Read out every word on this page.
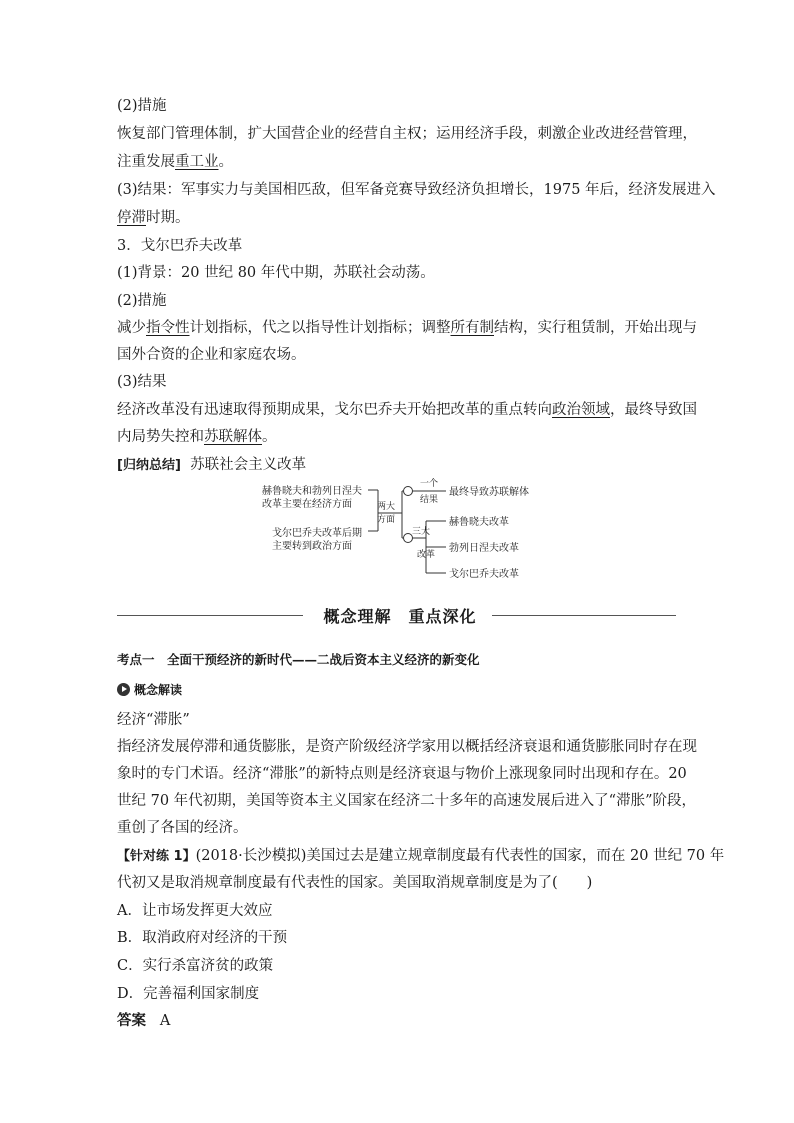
(2)措施
恢复部门管理体制，扩大国营企业的经营自主权；运用经济手段，刺激企业改进经营管理，
注重发展重工业。
(3)结果：军事实力与美国相匹敌，但军备竞赛导致经济负担增长，1975 年后，经济发展进入
停滞时期。
3．戈尔巴乔夫改革
(1)背景：20 世纪 80 年代中期，苏联社会动荡。
(2)措施
减少指令性计划指标，代之以指导性计划指标；调整所有制结构，实行租赁制，开始出现与
国外合资的企业和家庭农场。
(3)结果
经济改革没有迅速取得预期成果，戈尔巴乔夫开始把改革的重点转向政治领域，最终导致国
内局势失控和苏联解体。
[归纳总结] 苏联社会主义改革
赫鲁晓夫和勃列日涅夫
改革主要在经济方面
戈尔巴乔夫改革后期
主要转到政治方面
两大
方面
一个
结果
三大
改革
最终导致苏联解体
赫鲁晓夫改革
勃列日涅夫改革
戈尔巴乔夫改革
概念理解　重点深化
考点一　全面干预经济的新时代——二战后资本主义经济的新变化
概念解读
经济“滞胀”
指经济发展停滞和通货膨胀，是资产阶级经济学家用以概括经济衰退和通货膨胀同时存在现
象时的专门术语。经济“滞胀”的新特点则是经济衰退与物价上涨现象同时出现和存在。20
世纪 70 年代初期，美国等资本主义国家在经济二十多年的高速发展后进入了“滞胀”阶段，
重创了各国的经济。
【针对练 1】(2018·长沙模拟)美国过去是建立规章制度最有代表性的国家，而在 20 世纪 70 年
代初又是取消规章制度最有代表性的国家。美国取消规章制度是为了(　　)
A．让市场发挥更大效应
B．取消政府对经济的干预
C．实行杀富济贫的政策
D．完善福利国家制度
答案 A
